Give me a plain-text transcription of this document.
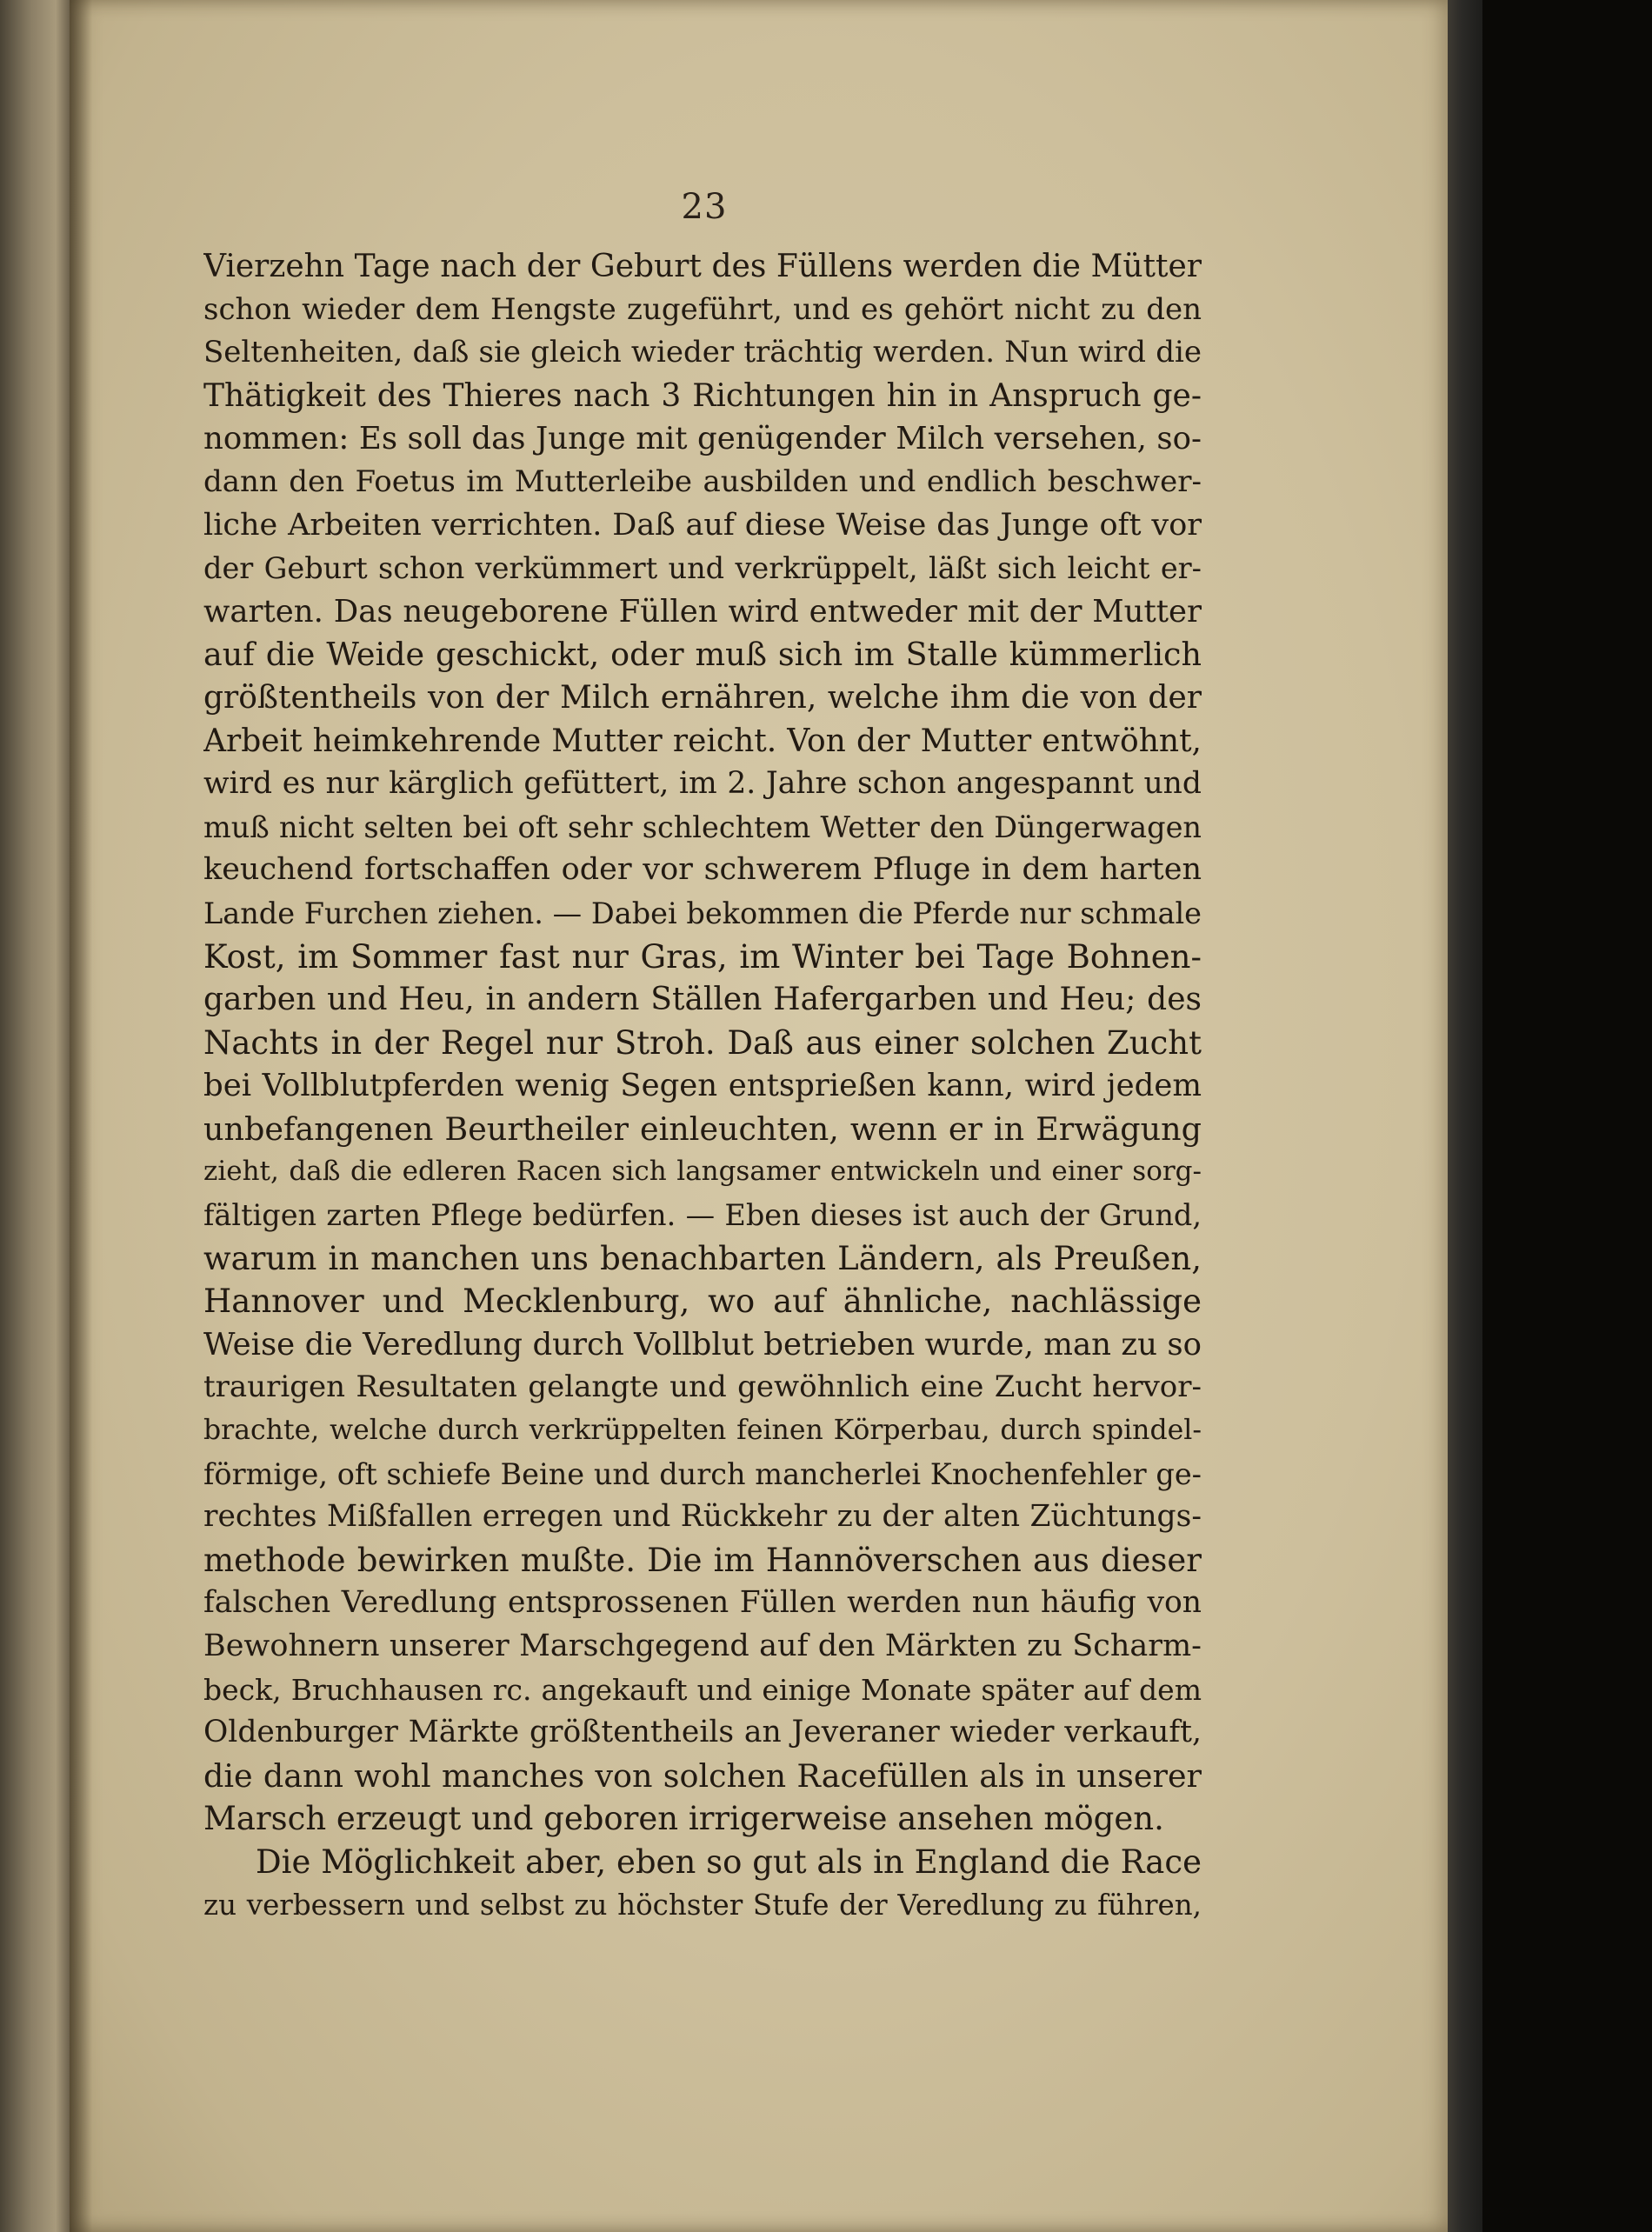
23
Vierzehn Tage nach der Geburt des Füllens werden die Mütter
schon wieder dem Hengste zugeführt, und es gehört nicht zu den
Seltenheiten, daß sie gleich wieder trächtig werden. Nun wird die
Thätigkeit des Thieres nach 3 Richtungen hin in Anspruch ge-
nommen: Es soll das Junge mit genügender Milch versehen, so-
dann den Foetus im Mutterleibe ausbilden und endlich beschwer-
liche Arbeiten verrichten. Daß auf diese Weise das Junge oft vor
der Geburt schon verkümmert und verkrüppelt, läßt sich leicht er-
warten. Das neugeborene Füllen wird entweder mit der Mutter
auf die Weide geschickt, oder muß sich im Stalle kümmerlich
größtentheils von der Milch ernähren, welche ihm die von der
Arbeit heimkehrende Mutter reicht. Von der Mutter entwöhnt,
wird es nur kärglich gefüttert, im 2. Jahre schon angespannt und
muß nicht selten bei oft sehr schlechtem Wetter den Düngerwagen
keuchend fortschaffen oder vor schwerem Pfluge in dem harten
Lande Furchen ziehen. — Dabei bekommen die Pferde nur schmale
Kost, im Sommer fast nur Gras, im Winter bei Tage Bohnen-
garben und Heu, in andern Ställen Hafergarben und Heu; des
Nachts in der Regel nur Stroh. Daß aus einer solchen Zucht
bei Vollblutpferden wenig Segen entsprießen kann, wird jedem
unbefangenen Beurtheiler einleuchten, wenn er in Erwägung
zieht, daß die edleren Racen sich langsamer entwickeln und einer sorg-
fältigen zarten Pflege bedürfen. — Eben dieses ist auch der Grund,
warum in manchen uns benachbarten Ländern, als Preußen,
Hannover und Mecklenburg, wo auf ähnliche, nachlässige
Weise die Veredlung durch Vollblut betrieben wurde, man zu so
traurigen Resultaten gelangte und gewöhnlich eine Zucht hervor-
brachte, welche durch verkrüppelten feinen Körperbau, durch spindel-
förmige, oft schiefe Beine und durch mancherlei Knochenfehler ge-
rechtes Mißfallen erregen und Rückkehr zu der alten Züchtungs-
methode bewirken mußte. Die im Hannöverschen aus dieser
falschen Veredlung entsprossenen Füllen werden nun häufig von
Bewohnern unserer Marschgegend auf den Märkten zu Scharm-
beck, Bruchhausen rc. angekauft und einige Monate später auf dem
Oldenburger Märkte größtentheils an Jeveraner wieder verkauft,
die dann wohl manches von solchen Racefüllen als in unserer
Marsch erzeugt und geboren irrigerweise ansehen mögen.
Die Möglichkeit aber, eben so gut als in England die Race
zu verbessern und selbst zu höchster Stufe der Veredlung zu führen,
